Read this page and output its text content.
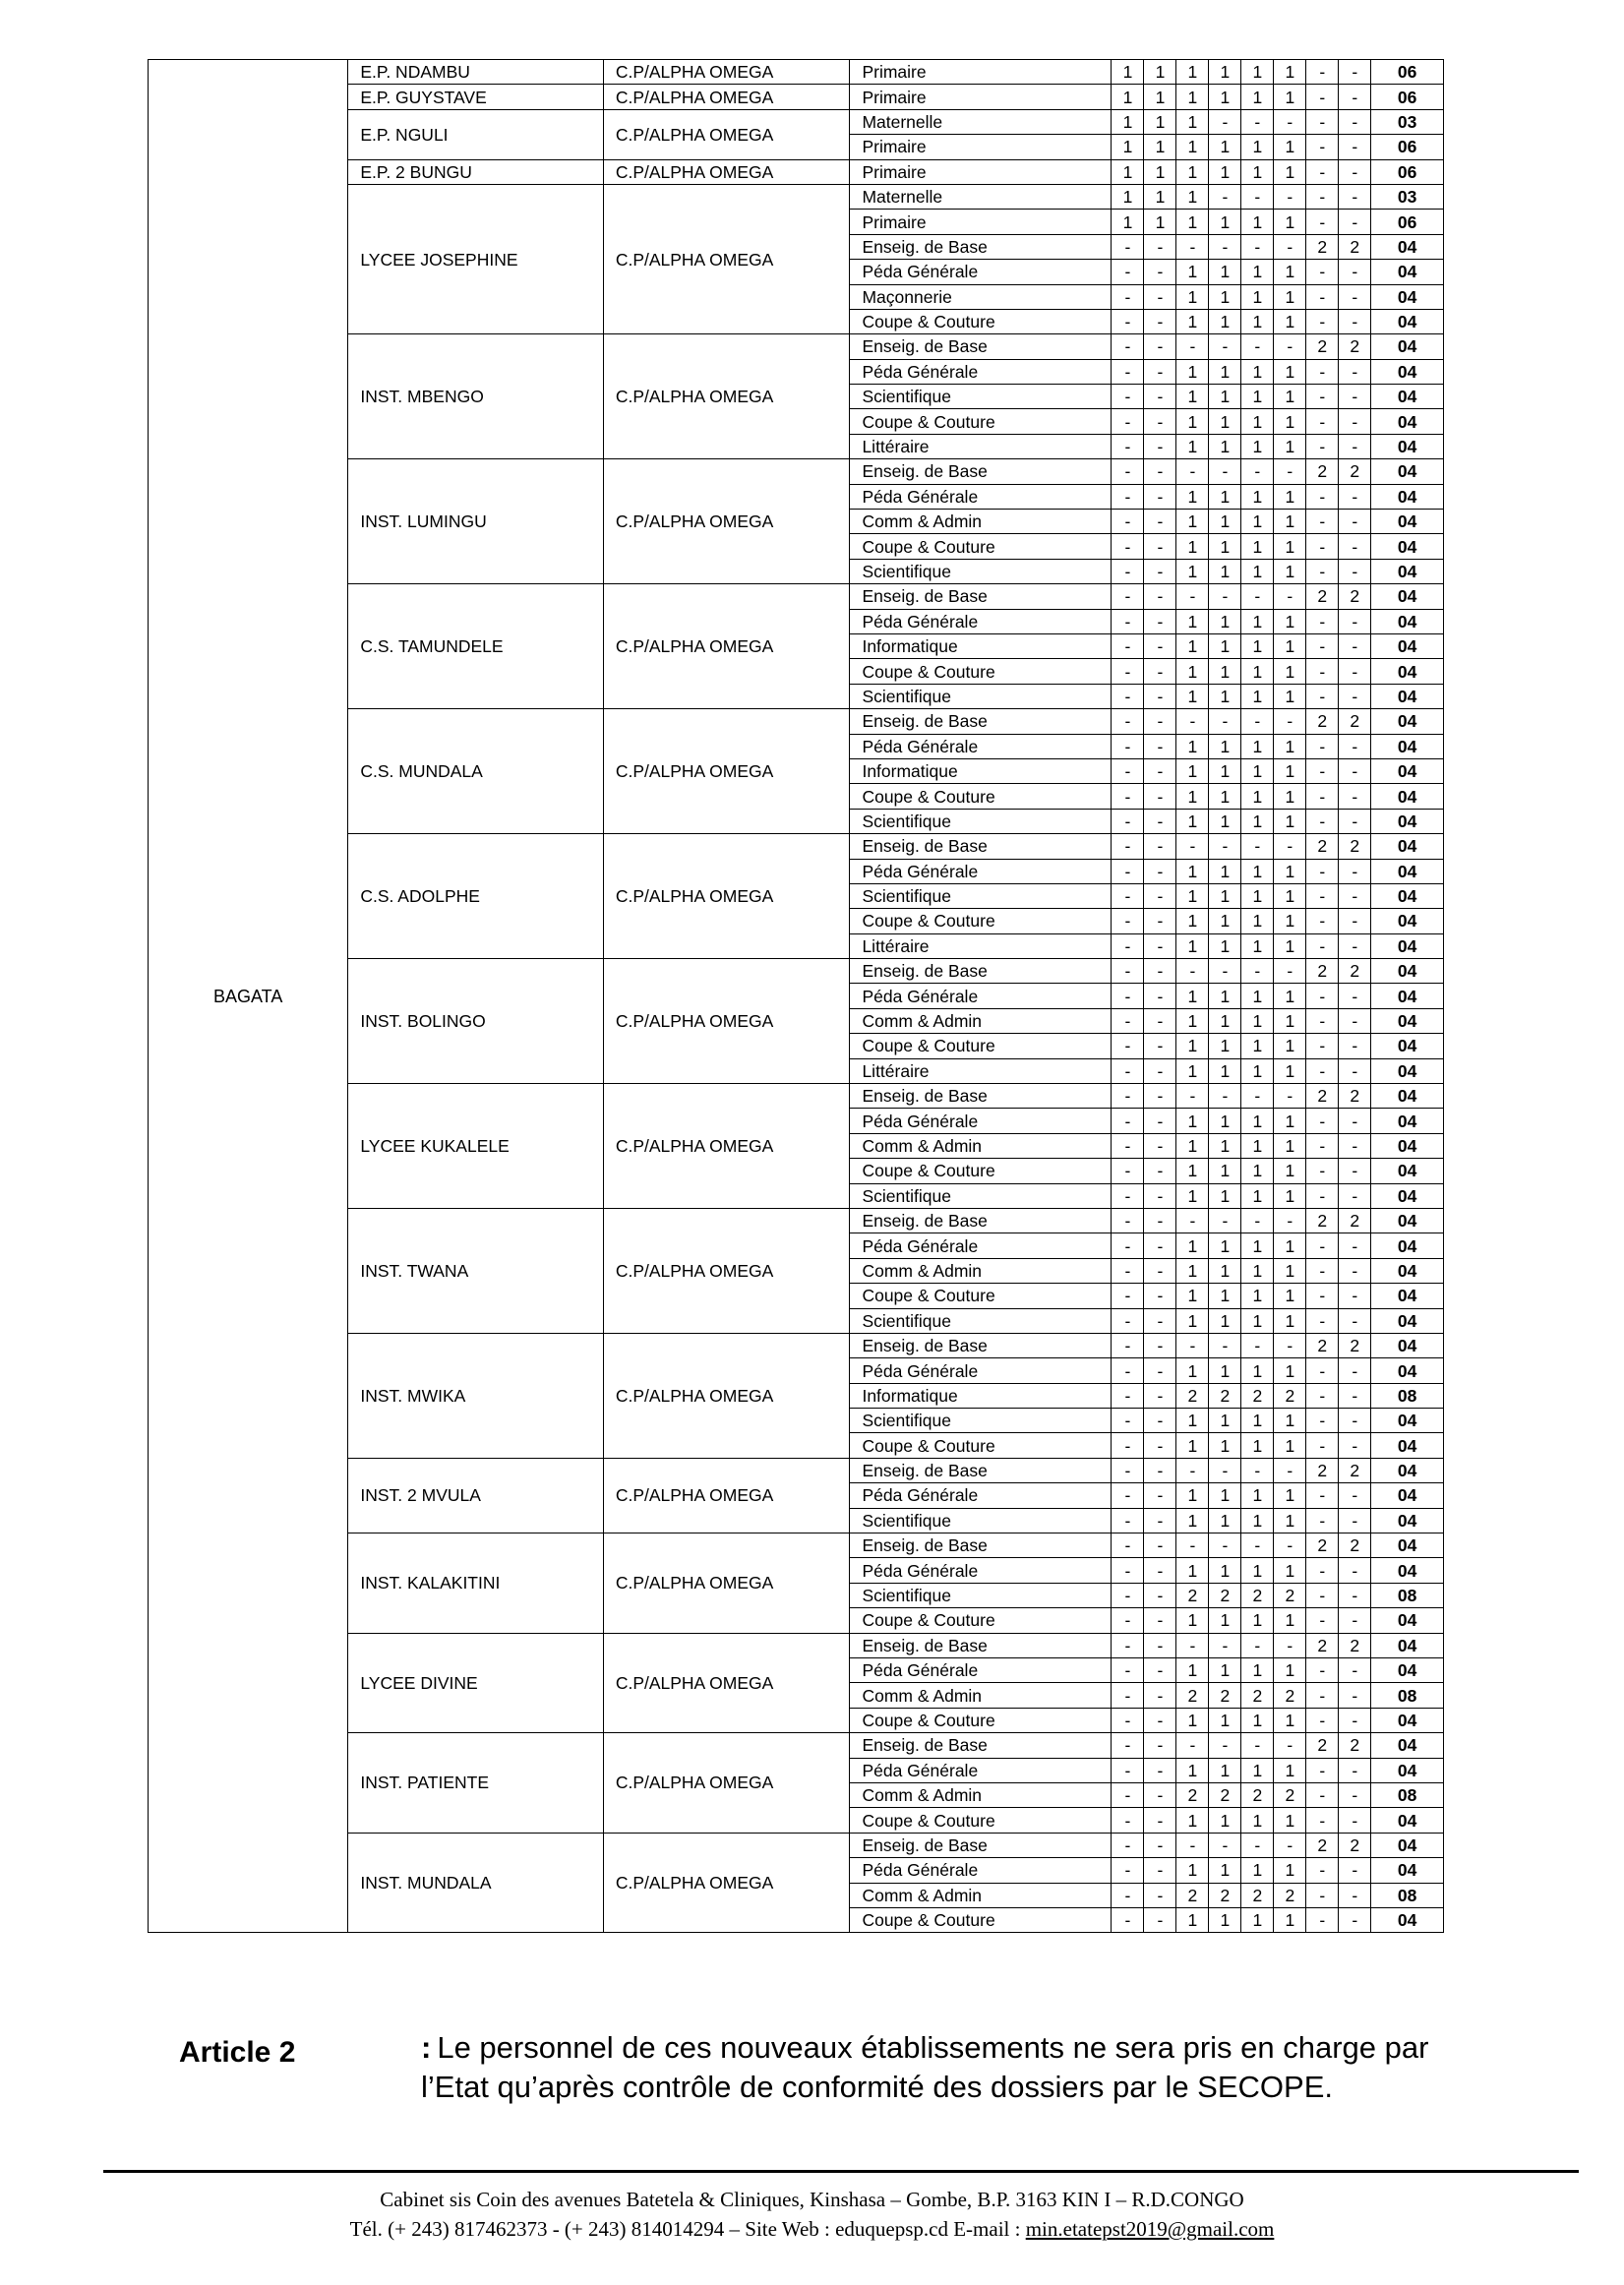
BAGATA	E.P. NDAMBU	C.P/ALPHA OMEGA	Primaire	1	1	1	1	1	1	-	-	06
	E.P. GUYSTAVE	C.P/ALPHA OMEGA	Primaire	1	1	1	1	1	1	-	-	06
	E.P. NGULI	C.P/ALPHA OMEGA	Maternelle	1	1	1	-	-	-	-	-	03
			Primaire	1	1	1	1	1	1	-	-	06
	E.P. 2 BUNGU	C.P/ALPHA OMEGA	Primaire	1	1	1	1	1	1	-	-	06
	LYCEE JOSEPHINE	C.P/ALPHA OMEGA	Maternelle	1	1	1	-	-	-	-	-	03
			Primaire	1	1	1	1	1	1	-	-	06
			Enseig. de Base	-	-	-	-	-	-	2	2	04
			Péda Générale	-	-	1	1	1	1	-	-	04
			Maçonnerie	-	-	1	1	1	1	-	-	04
			Coupe & Couture	-	-	1	1	1	1	-	-	04
	INST. MBENGO	C.P/ALPHA OMEGA	Enseig. de Base	-	-	-	-	-	-	2	2	04
			Péda Générale	-	-	1	1	1	1	-	-	04
			Scientifique	-	-	1	1	1	1	-	-	04
			Coupe & Couture	-	-	1	1	1	1	-	-	04
			Littéraire	-	-	1	1	1	1	-	-	04
	INST. LUMINGU	C.P/ALPHA OMEGA	Enseig. de Base	-	-	-	-	-	-	2	2	04
			Péda Générale	-	-	1	1	1	1	-	-	04
			Comm & Admin	-	-	1	1	1	1	-	-	04
			Coupe & Couture	-	-	1	1	1	1	-	-	04
			Scientifique	-	-	1	1	1	1	-	-	04
	C.S. TAMUNDELE	C.P/ALPHA OMEGA	Enseig. de Base	-	-	-	-	-	-	2	2	04
			Péda Générale	-	-	1	1	1	1	-	-	04
			Informatique	-	-	1	1	1	1	-	-	04
			Coupe & Couture	-	-	1	1	1	1	-	-	04
			Scientifique	-	-	1	1	1	1	-	-	04
	C.S. MUNDALA	C.P/ALPHA OMEGA	Enseig. de Base	-	-	-	-	-	-	2	2	04
			Péda Générale	-	-	1	1	1	1	-	-	04
			Informatique	-	-	1	1	1	1	-	-	04
			Coupe & Couture	-	-	1	1	1	1	-	-	04
			Scientifique	-	-	1	1	1	1	-	-	04
	C.S. ADOLPHE	C.P/ALPHA OMEGA	Enseig. de Base	-	-	-	-	-	-	2	2	04
			Péda Générale	-	-	1	1	1	1	-	-	04
			Scientifique	-	-	1	1	1	1	-	-	04
			Coupe & Couture	-	-	1	1	1	1	-	-	04
			Littéraire	-	-	1	1	1	1	-	-	04
	INST. BOLINGO	C.P/ALPHA OMEGA	Enseig. de Base	-	-	-	-	-	-	2	2	04
			Péda Générale	-	-	1	1	1	1	-	-	04
			Comm & Admin	-	-	1	1	1	1	-	-	04
			Coupe & Couture	-	-	1	1	1	1	-	-	04
			Littéraire	-	-	1	1	1	1	-	-	04
	LYCEE KUKALELE	C.P/ALPHA OMEGA	Enseig. de Base	-	-	-	-	-	-	2	2	04
			Péda Générale	-	-	1	1	1	1	-	-	04
			Comm & Admin	-	-	1	1	1	1	-	-	04
			Coupe & Couture	-	-	1	1	1	1	-	-	04
			Scientifique	-	-	1	1	1	1	-	-	04
	INST. TWANA	C.P/ALPHA OMEGA	Enseig. de Base	-	-	-	-	-	-	2	2	04
			Péda Générale	-	-	1	1	1	1	-	-	04
			Comm & Admin	-	-	1	1	1	1	-	-	04
			Coupe & Couture	-	-	1	1	1	1	-	-	04
			Scientifique	-	-	1	1	1	1	-	-	04
	INST. MWIKA	C.P/ALPHA OMEGA	Enseig. de Base	-	-	-	-	-	-	2	2	04
			Péda Générale	-	-	1	1	1	1	-	-	04
			Informatique	-	-	2	2	2	2	-	-	08
			Scientifique	-	-	1	1	1	1	-	-	04
			Coupe & Couture	-	-	1	1	1	1	-	-	04
	INST. 2 MVULA	C.P/ALPHA OMEGA	Enseig. de Base	-	-	-	-	-	-	2	2	04
			Péda Générale	-	-	1	1	1	1	-	-	04
			Scientifique	-	-	1	1	1	1	-	-	04
	INST. KALAKITINI	C.P/ALPHA OMEGA	Enseig. de Base	-	-	-	-	-	-	2	2	04
			Péda Générale	-	-	1	1	1	1	-	-	04
			Scientifique	-	-	2	2	2	2	-	-	08
			Coupe & Couture	-	-	1	1	1	1	-	-	04
	LYCEE DIVINE	C.P/ALPHA OMEGA	Enseig. de Base	-	-	-	-	-	-	2	2	04
			Péda Générale	-	-	1	1	1	1	-	-	04
			Comm & Admin	-	-	2	2	2	2	-	-	08
			Coupe & Couture	-	-	1	1	1	1	-	-	04
	INST. PATIENTE	C.P/ALPHA OMEGA	Enseig. de Base	-	-	-	-	-	-	2	2	04
			Péda Générale	-	-	1	1	1	1	-	-	04
			Comm & Admin	-	-	2	2	2	2	-	-	08
			Coupe & Couture	-	-	1	1	1	1	-	-	04
	INST. MUNDALA	C.P/ALPHA OMEGA	Enseig. de Base	-	-	-	-	-	-	2	2	04
			Péda Générale	-	-	1	1	1	1	-	-	04
			Comm & Admin	-	-	2	2	2	2	-	-	08
			Coupe & Couture	-	-	1	1	1	1	-	-	04
Article 2	: Le personnel de ces nouveaux établissements ne sera pris en charge par l’Etat qu’après contrôle de conformité des dossiers par le SECOPE.
Cabinet sis Coin des avenues Batetela & Cliniques, Kinshasa – Gombe, B.P. 3163 KIN I – R.D.CONGO
Tél. (+ 243) 817462373 - (+ 243) 814014294 – Site Web : eduquepsp.cd E-mail : min.etatepst2019@gmail.com
